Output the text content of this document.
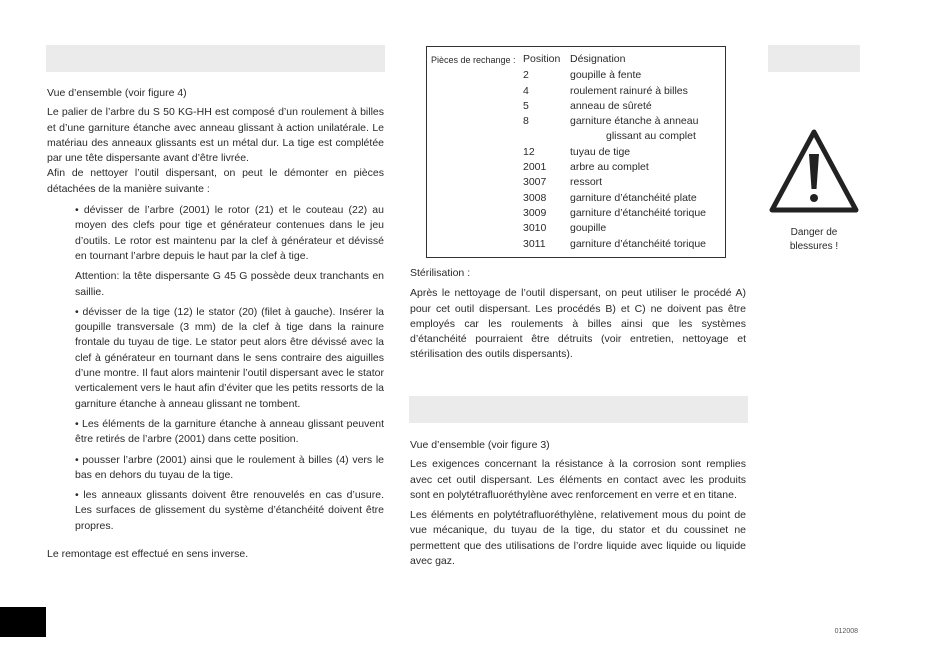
Vue d’ensemble (voir figure 4)

Le palier de l’arbre du S 50 KG-HH est composé d’un roulement à billes et d’une garniture étanche avec anneau glissant à action unilatérale. Le matériau des anneaux glissants est un métal dur. La tige est complétée par une tête dispersante avant d’être livrée.

Afin de nettoyer l’outil dispersant, on peut le démonter en pièces détachées de la manière suivante :

• dévisser de l’arbre (2001) le rotor (21) et le couteau (22) au moyen des clefs pour tige et générateur contenues dans le jeu d’outils. Le rotor est maintenu par la clef à générateur et dévissé en tournant l’arbre depuis le haut par la clef à tige.

Attention: la tête dispersante G 45 G possède deux tranchants en saillie.

• dévisser de la tige (12) le stator (20) (filet à gauche). Insérer la goupille transversale (3 mm) de la clef à tige dans la rainure frontale du tuyau de tige. Le stator peut alors être dévissé avec la clef à générateur en tournant dans le sens contraire des aiguilles d’une montre. Il faut alors maintenir l’outil dispersant avec le stator verticalement vers le haut afin d’éviter que les petits ressorts de la garniture étanche à anneau glissant ne tombent.

• Les éléments de la garniture étanche à anneau glissant peuvent être retirés de l’arbre (2001) dans cette position.

• pousser l’arbre (2001) ainsi que le roulement à billes (4) vers le bas en dehors du tuyau de la tige.

• les anneaux glissants doivent être renouvelés en cas d’usure. Les surfaces de glissement du système d’étanchéité doivent être propres.

Le remontage est effectué en sens inverse.
Pièces de rechange :	Position	Désignation
	2	goupille à fente
	4	roulement rainuré à billes
	5	anneau de sûreté
	8	garniture étanche à anneau
		glissant au complet
	12	tuyau de tige
	2001	arbre au complet
	3007	ressort
	3008	garniture d’étanchéité plate
	3009	garniture d’étanchéité torique
	3010	goupille
	3011	garniture d’étanchéité torique

Stérilisation :

Après le nettoyage de l’outil dispersant, on peut utiliser le procédé A) pour cet outil dispersant. Les procédés B) et C) ne doivent pas être employés car les roulements à billes ainsi que les systèmes d’étanchéité pourraient être détruits (voir entretien, nettoyage et stérilisation des outils dispersants).

Vue d’ensemble (voir figure 3)

Les exigences concernant la résistance à la corrosion sont remplies avec cet outil dispersant. Les éléments en contact avec les produits sont en polytétrafluoréthylène avec renforcement en verre et en titane.

Les éléments en polytétrafluoréthylène, relativement mous du point de vue mécanique, du tuyau de la tige, du stator et du coussinet ne permettent que des utilisations de l’ordre liquide avec liquide ou liquide avec gaz.

Danger de
blessures !
012008
